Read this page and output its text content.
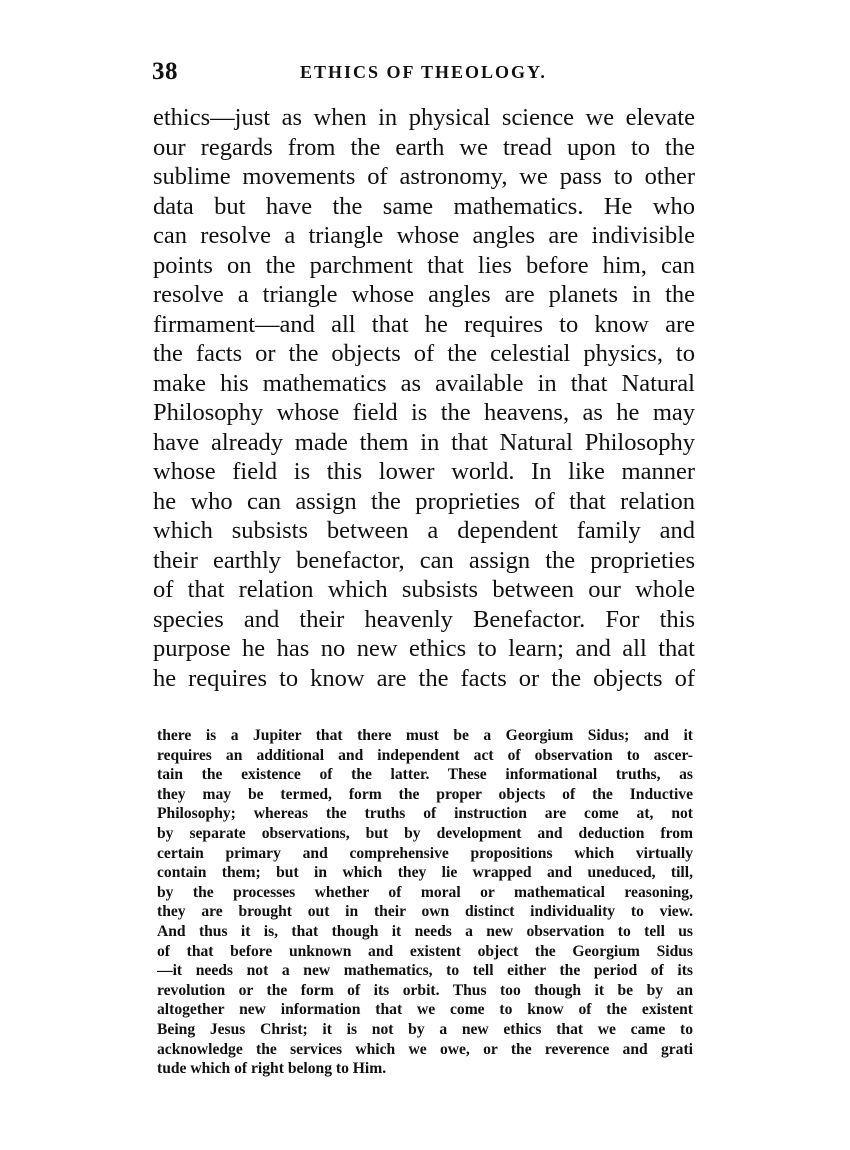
38	ETHICS OF THEOLOGY.
ethics—just as when in physical science we elevate
our regards from the earth we tread upon to the
sublime movements of astronomy, we pass to other
data but have the same mathematics. He who
can resolve a triangle whose angles are indivisible
points on the parchment that lies before him, can
resolve a triangle whose angles are planets in the
firmament—and all that he requires to know are
the facts or the objects of the celestial physics, to
make his mathematics as available in that Natural
Philosophy whose field is the heavens, as he may
have already made them in that Natural Philosophy
whose field is this lower world. In like manner
he who can assign the proprieties of that relation
which subsists between a dependent family and
their earthly benefactor, can assign the proprieties
of that relation which subsists between our whole
species and their heavenly Benefactor. For this
purpose he has no new ethics to learn; and all that
he requires to know are the facts or the objects of
there is a Jupiter that there must be a Georgium Sidus; and it
requires an additional and independent act of observation to ascer-
tain the existence of the latter. These informational truths, as
they may be termed, form the proper objects of the Inductive
Philosophy; whereas the truths of instruction are come at, not
by separate observations, but by development and deduction from
certain primary and comprehensive propositions which virtually
contain them; but in which they lie wrapped and uneduced, till,
by the processes whether of moral or mathematical reasoning,
they are brought out in their own distinct individuality to view.
And thus it is, that though it needs a new observation to tell us
of that before unknown and existent object the Georgium Sidus
—it needs not a new mathematics, to tell either the period of its
revolution or the form of its orbit. Thus too though it be by an
altogether new information that we come to know of the existent
Being Jesus Christ; it is not by a new ethics that we came to
acknowledge the services which we owe, or the reverence and grati
tude which of right belong to Him.
